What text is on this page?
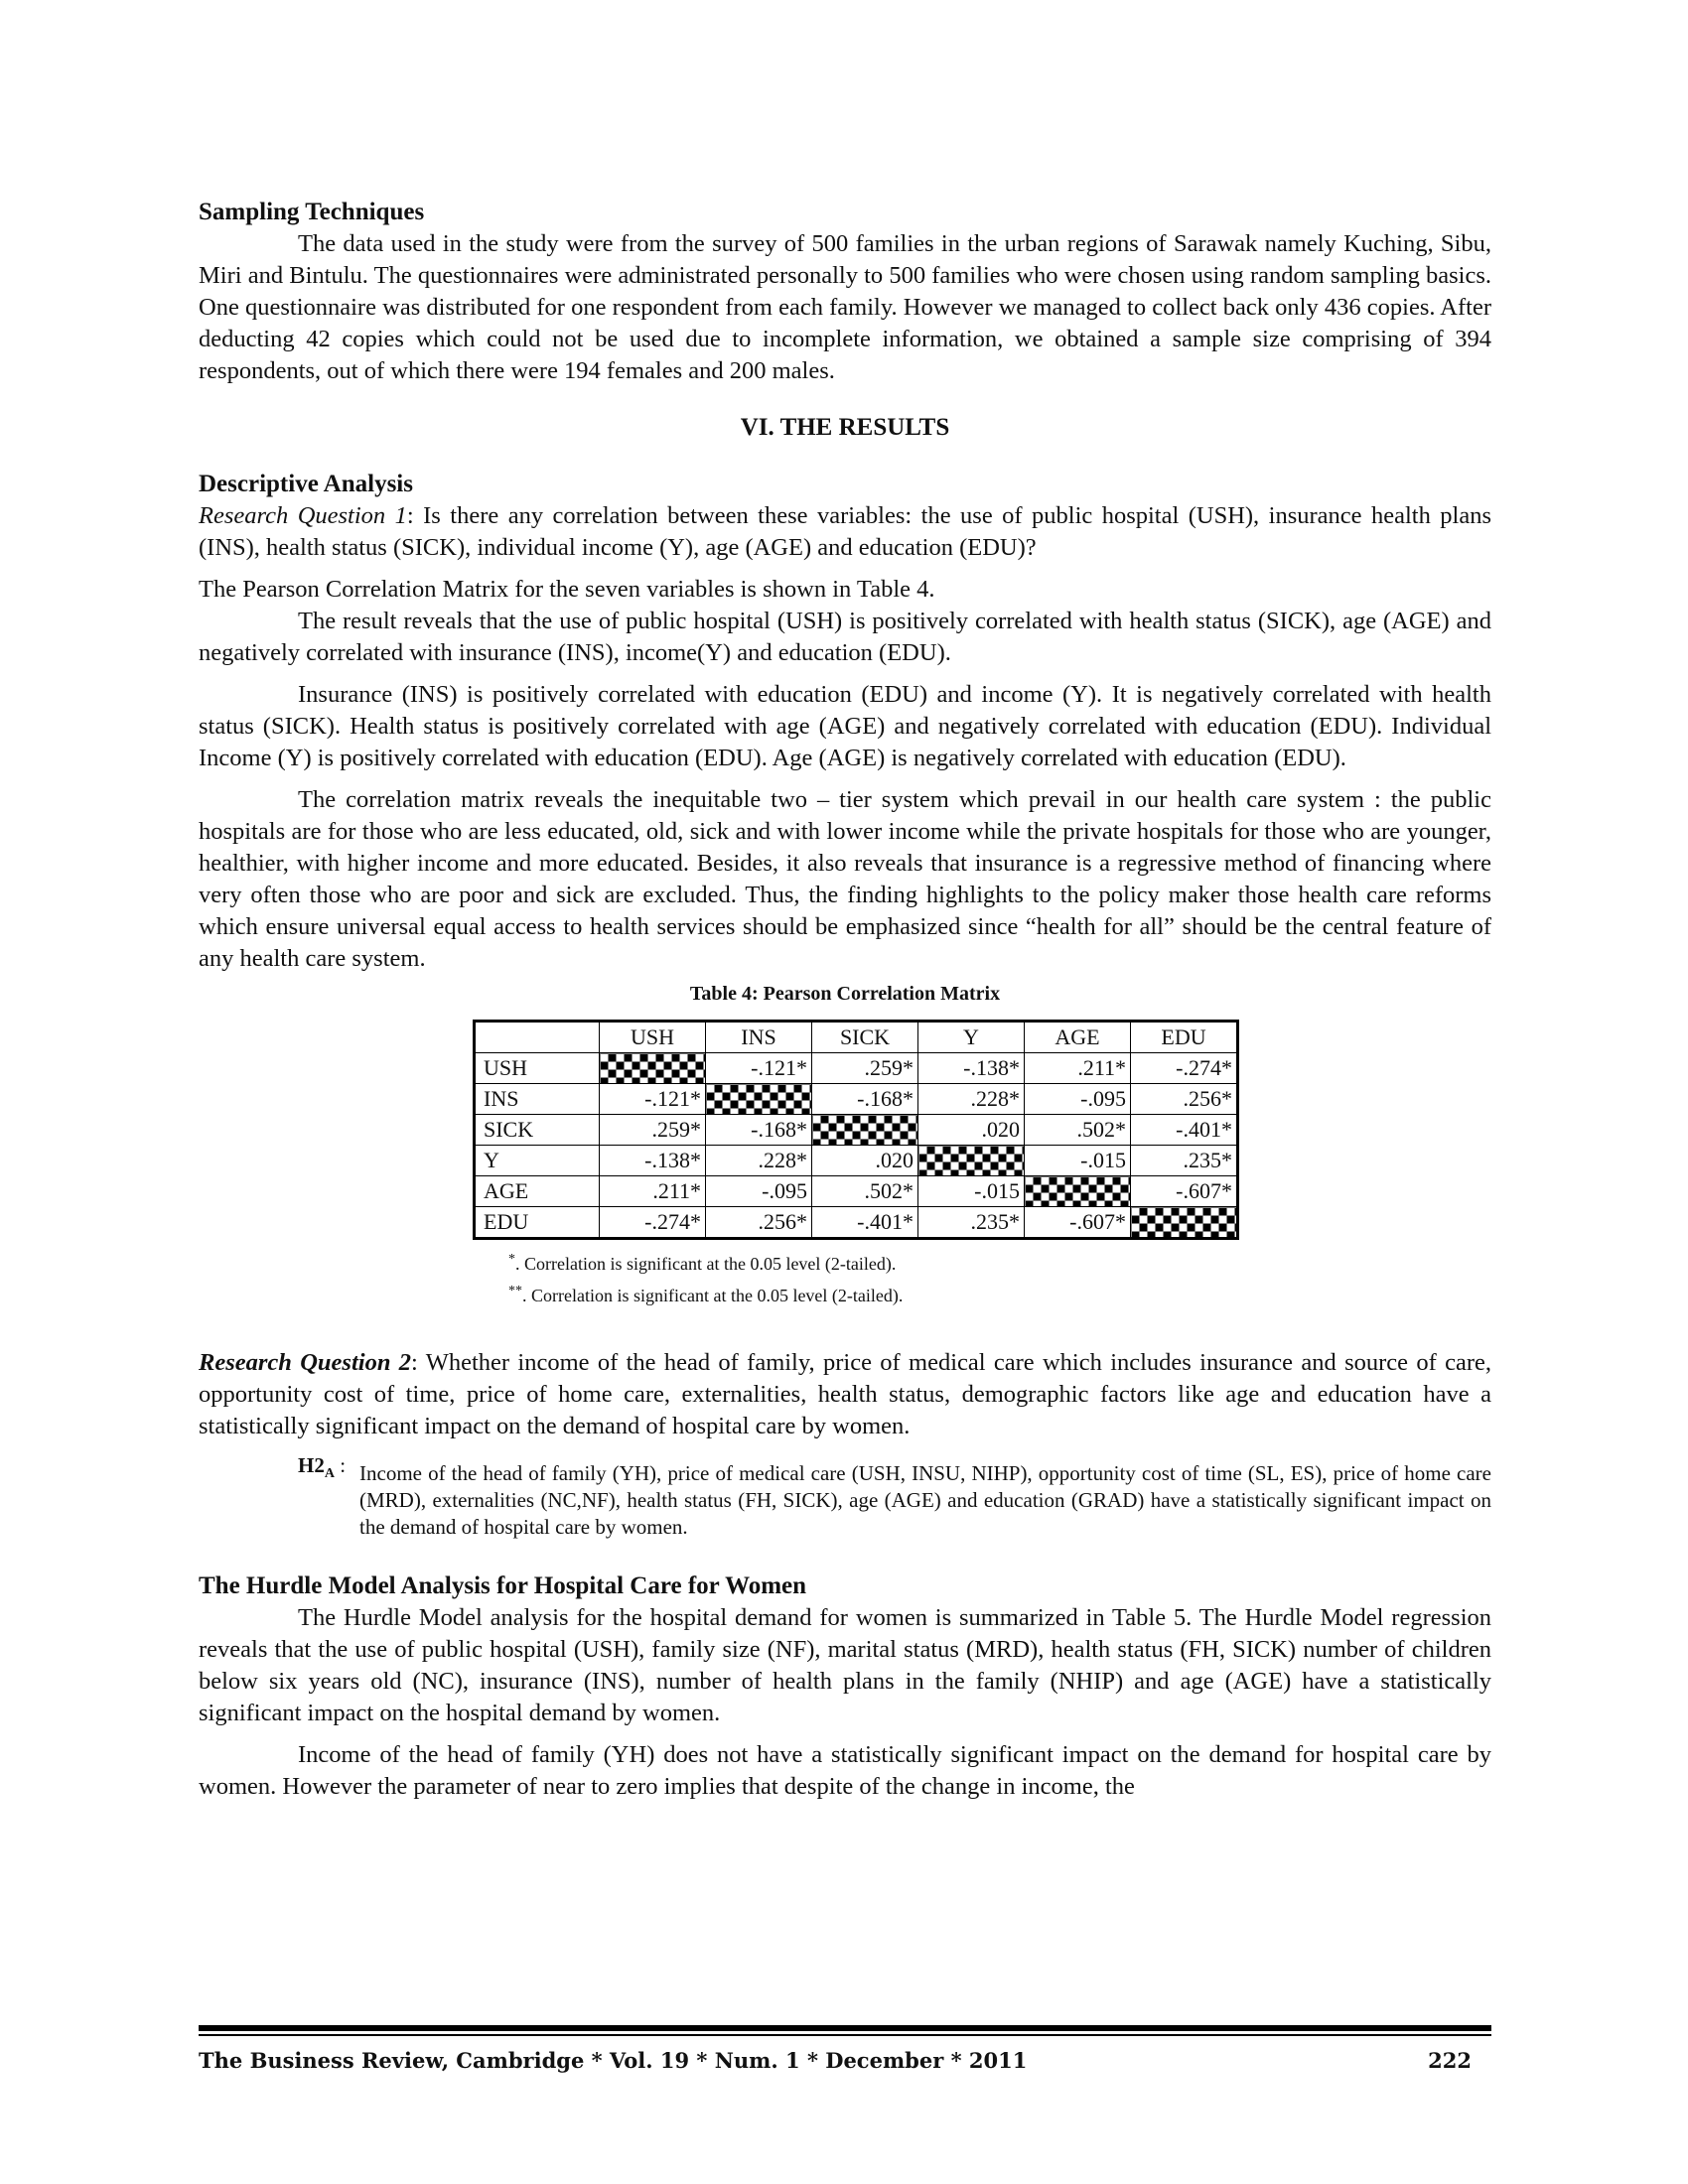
Sampling Techniques

The data used in the study were from the survey of 500 families in the urban regions of Sarawak namely Kuching, Sibu, Miri and Bintulu. The questionnaires were administrated personally to 500 families who were chosen using random sampling basics. One questionnaire was distributed for one respondent from each family. However we managed to collect back only 436 copies. After deducting 42 copies which could not be used due to incomplete information, we obtained a sample size comprising of 394 respondents, out of which there were 194 females and 200 males.

VI. THE RESULTS

Descriptive Analysis

Research Question 1: Is there any correlation between these variables: the use of public hospital (USH), insurance health plans (INS), health status (SICK), individual income (Y), age (AGE) and education (EDU)?

The Pearson Correlation Matrix for the seven variables is shown in Table 4.

The result reveals that the use of public hospital (USH) is positively correlated with health status (SICK), age (AGE) and negatively correlated with insurance (INS), income(Y) and education (EDU).

Insurance (INS) is positively correlated with education (EDU) and income (Y). It is negatively correlated with health status (SICK). Health status is positively correlated with age (AGE) and negatively correlated with education (EDU). Individual Income (Y) is positively correlated with education (EDU). Age (AGE) is negatively correlated with education (EDU).

The correlation matrix reveals the inequitable two – tier system which prevail in our health care system : the public hospitals are for those who are less educated, old, sick and with lower income while the private hospitals for those who are younger, healthier, with higher income and more educated. Besides, it also reveals that insurance is a regressive method of financing where very often those who are poor and sick are excluded. Thus, the finding highlights to the policy maker those health care reforms which ensure universal equal access to health services should be emphasized since “health for all” should be the central feature of any health care system.

Table 4: Pearson Correlation Matrix
	USH	INS	SICK	Y	AGE	EDU
USH		-.121*	.259*	-.138*	.211*	-.274*
INS	-.121*		-.168*	.228*	-.095	.256*
SICK	.259*	-.168*		.020	.502*	-.401*
Y	-.138*	.228*	.020		-.015	.235*
AGE	.211*	-.095	.502*	-.015		-.607*
EDU	-.274*	.256*	-.401*	.235*	-.607*	
*. Correlation is significant at the 0.05 level (2-tailed).
**. Correlation is significant at the 0.05 level (2-tailed).

Research Question 2: Whether income of the head of family, price of medical care which includes insurance and source of care, opportunity cost of time, price of home care, externalities, health status, demographic factors like age and education have a statistically significant impact on the demand of hospital care by women.

$H2_A$ : Income of the head of family (YH), price of medical care (USH, INSU, NIHP), opportunity cost of time (SL, ES), price of home care (MRD), externalities (NC,NF), health status (FH, SICK), age (AGE) and education (GRAD) have a statistically significant impact on the demand of hospital care by women.

The Hurdle Model Analysis for Hospital Care for Women

The Hurdle Model analysis for the hospital demand for women is summarized in Table 5. The Hurdle Model regression reveals that the use of public hospital (USH), family size (NF), marital status (MRD), health status (FH, SICK) number of children below six years old (NC), insurance (INS), number of health plans in the family (NHIP) and age (AGE) have a statistically significant impact on the hospital demand by women.

Income of the head of family (YH) does not have a statistically significant impact on the demand for hospital care by women. However the parameter of near to zero implies that despite of the change in income, the

The Business Review, Cambridge * Vol. 19 * Num. 1 * December * 2011	222
